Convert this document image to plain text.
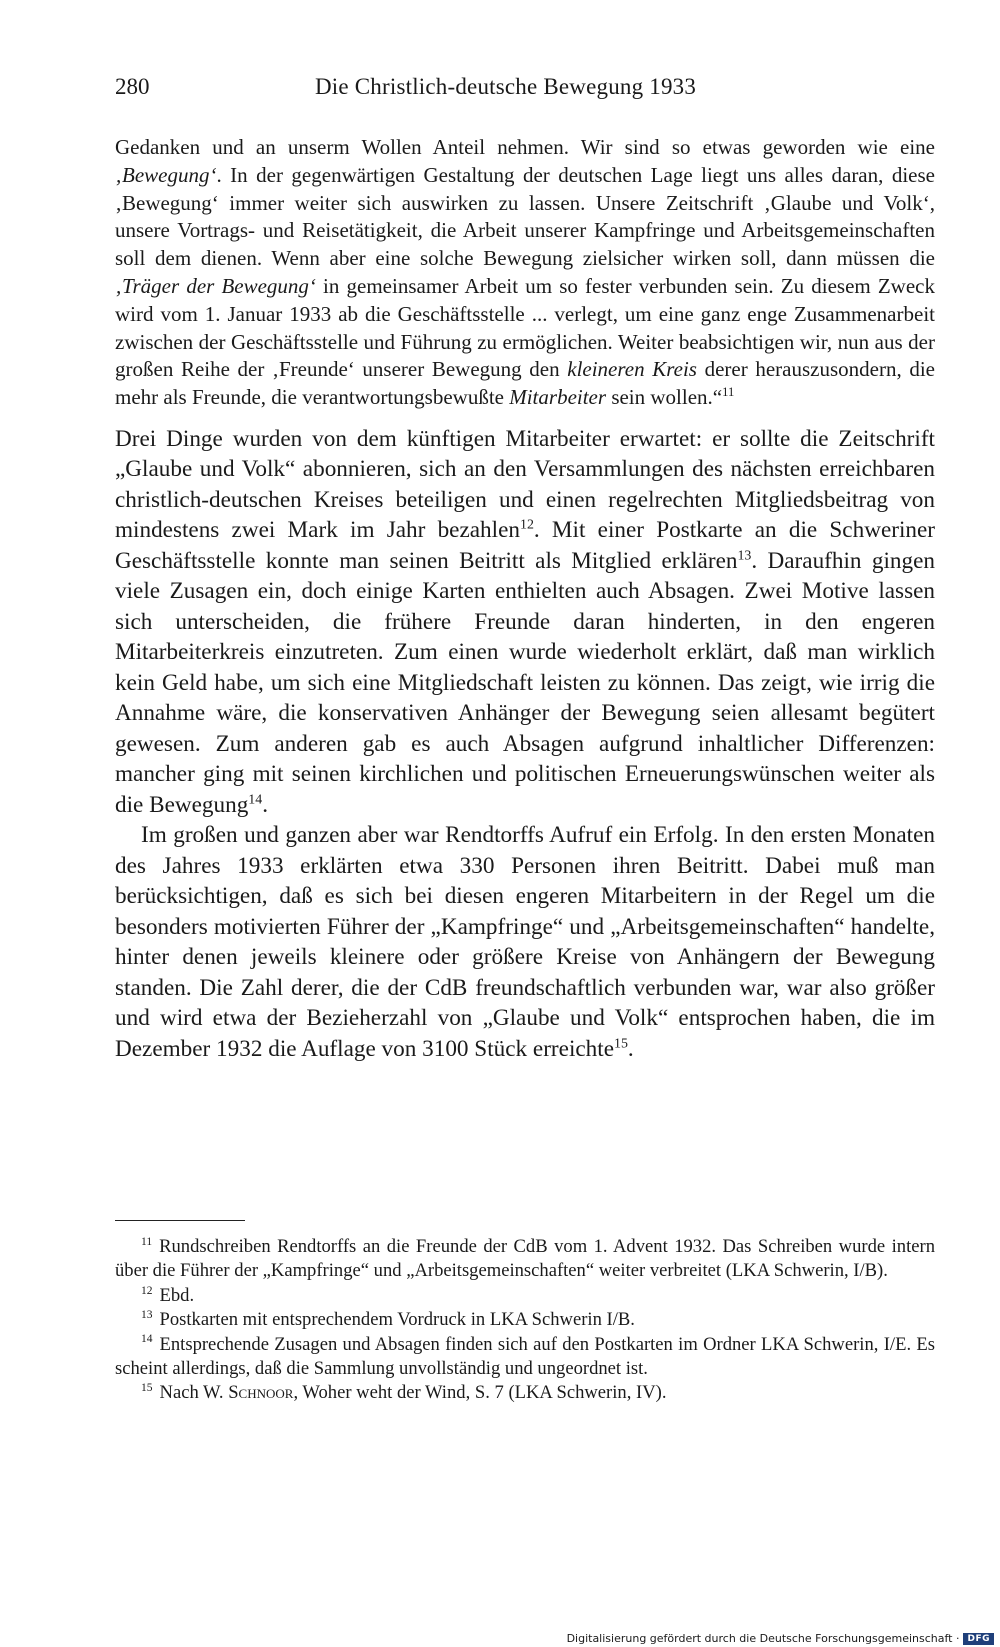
280	Die Christlich-deutsche Bewegung 1933
Gedanken und an unserm Wollen Anteil nehmen. Wir sind so etwas geworden wie eine ‚Bewegung‘. In der gegenwärtigen Gestaltung der deutschen Lage liegt uns alles daran, diese ‚Bewegung‘ immer weiter sich auswirken zu lassen. Unsere Zeitschrift ‚Glaube und Volk‘, unsere Vortrags- und Reisetätigkeit, die Arbeit unserer Kampfringe und Arbeitsgemeinschaften soll dem dienen. Wenn aber eine solche Bewegung zielsicher wirken soll, dann müssen die ‚Träger der Bewegung‘ in gemeinsamer Arbeit um so fester verbunden sein. Zu diesem Zweck wird vom 1. Januar 1933 ab die Geschäftsstelle ... verlegt, um eine ganz enge Zusammenarbeit zwischen der Geschäftsstelle und Führung zu ermöglichen. Weiter beabsichtigen wir, nun aus der großen Reihe der ‚Freunde‘ unserer Bewegung den kleineren Kreis derer herauszusondern, die mehr als Freunde, die verantwortungsbewußte Mitarbeiter sein wollen.“$^{11}$

Drei Dinge wurden von dem künftigen Mitarbeiter erwartet: er sollte die Zeitschrift „Glaube und Volk“ abonnieren, sich an den Versammlungen des nächsten erreichbaren christlich-deutschen Kreises beteiligen und einen regelrechten Mitgliedsbeitrag von mindestens zwei Mark im Jahr bezahlen$^{12}$. Mit einer Postkarte an die Schweriner Geschäftsstelle konnte man seinen Beitritt als Mitglied erklären$^{13}$. Daraufhin gingen viele Zusagen ein, doch einige Karten enthielten auch Absagen. Zwei Motive lassen sich unterscheiden, die frühere Freunde daran hinderten, in den engeren Mitarbeiterkreis einzutreten. Zum einen wurde wiederholt erklärt, daß man wirklich kein Geld habe, um sich eine Mitgliedschaft leisten zu können. Das zeigt, wie irrig die Annahme wäre, die konservativen Anhänger der Bewegung seien allesamt begütert gewesen. Zum anderen gab es auch Absagen aufgrund inhaltlicher Differenzen: mancher ging mit seinen kirchlichen und politischen Erneuerungswünschen weiter als die Bewegung$^{14}$.

Im großen und ganzen aber war Rendtorffs Aufruf ein Erfolg. In den ersten Monaten des Jahres 1933 erklärten etwa 330 Personen ihren Beitritt. Dabei muß man berücksichtigen, daß es sich bei diesen engeren Mitarbeitern in der Regel um die besonders motivierten Führer der „Kampfringe“ und „Arbeitsgemeinschaften“ handelte, hinter denen jeweils kleinere oder größere Kreise von Anhängern der Bewegung standen. Die Zahl derer, die der CdB freundschaftlich verbunden war, war also größer und wird etwa der Bezieherzahl von „Glaube und Volk“ entsprochen haben, die im Dezember 1932 die Auflage von 3100 Stück erreichte$^{15}$.

$^{11}$ Rundschreiben Rendtorffs an die Freunde der CdB vom 1. Advent 1932. Das Schreiben wurde intern über die Führer der „Kampfringe“ und „Arbeitsgemeinschaften“ weiter verbreitet (LKA Schwerin, I/B).

$^{12}$ Ebd.

$^{13}$ Postkarten mit entsprechendem Vordruck in LKA Schwerin I/B.

$^{14}$ Entsprechende Zusagen und Absagen finden sich auf den Postkarten im Ordner LKA Schwerin, I/E. Es scheint allerdings, daß die Sammlung unvollständig und ungeordnet ist.

$^{15}$ Nach W. Schnoor, Woher weht der Wind, S. 7 (LKA Schwerin, IV).

Digitalisierung gefördert durch die Deutsche Forschungsgemeinschaft · DFG
